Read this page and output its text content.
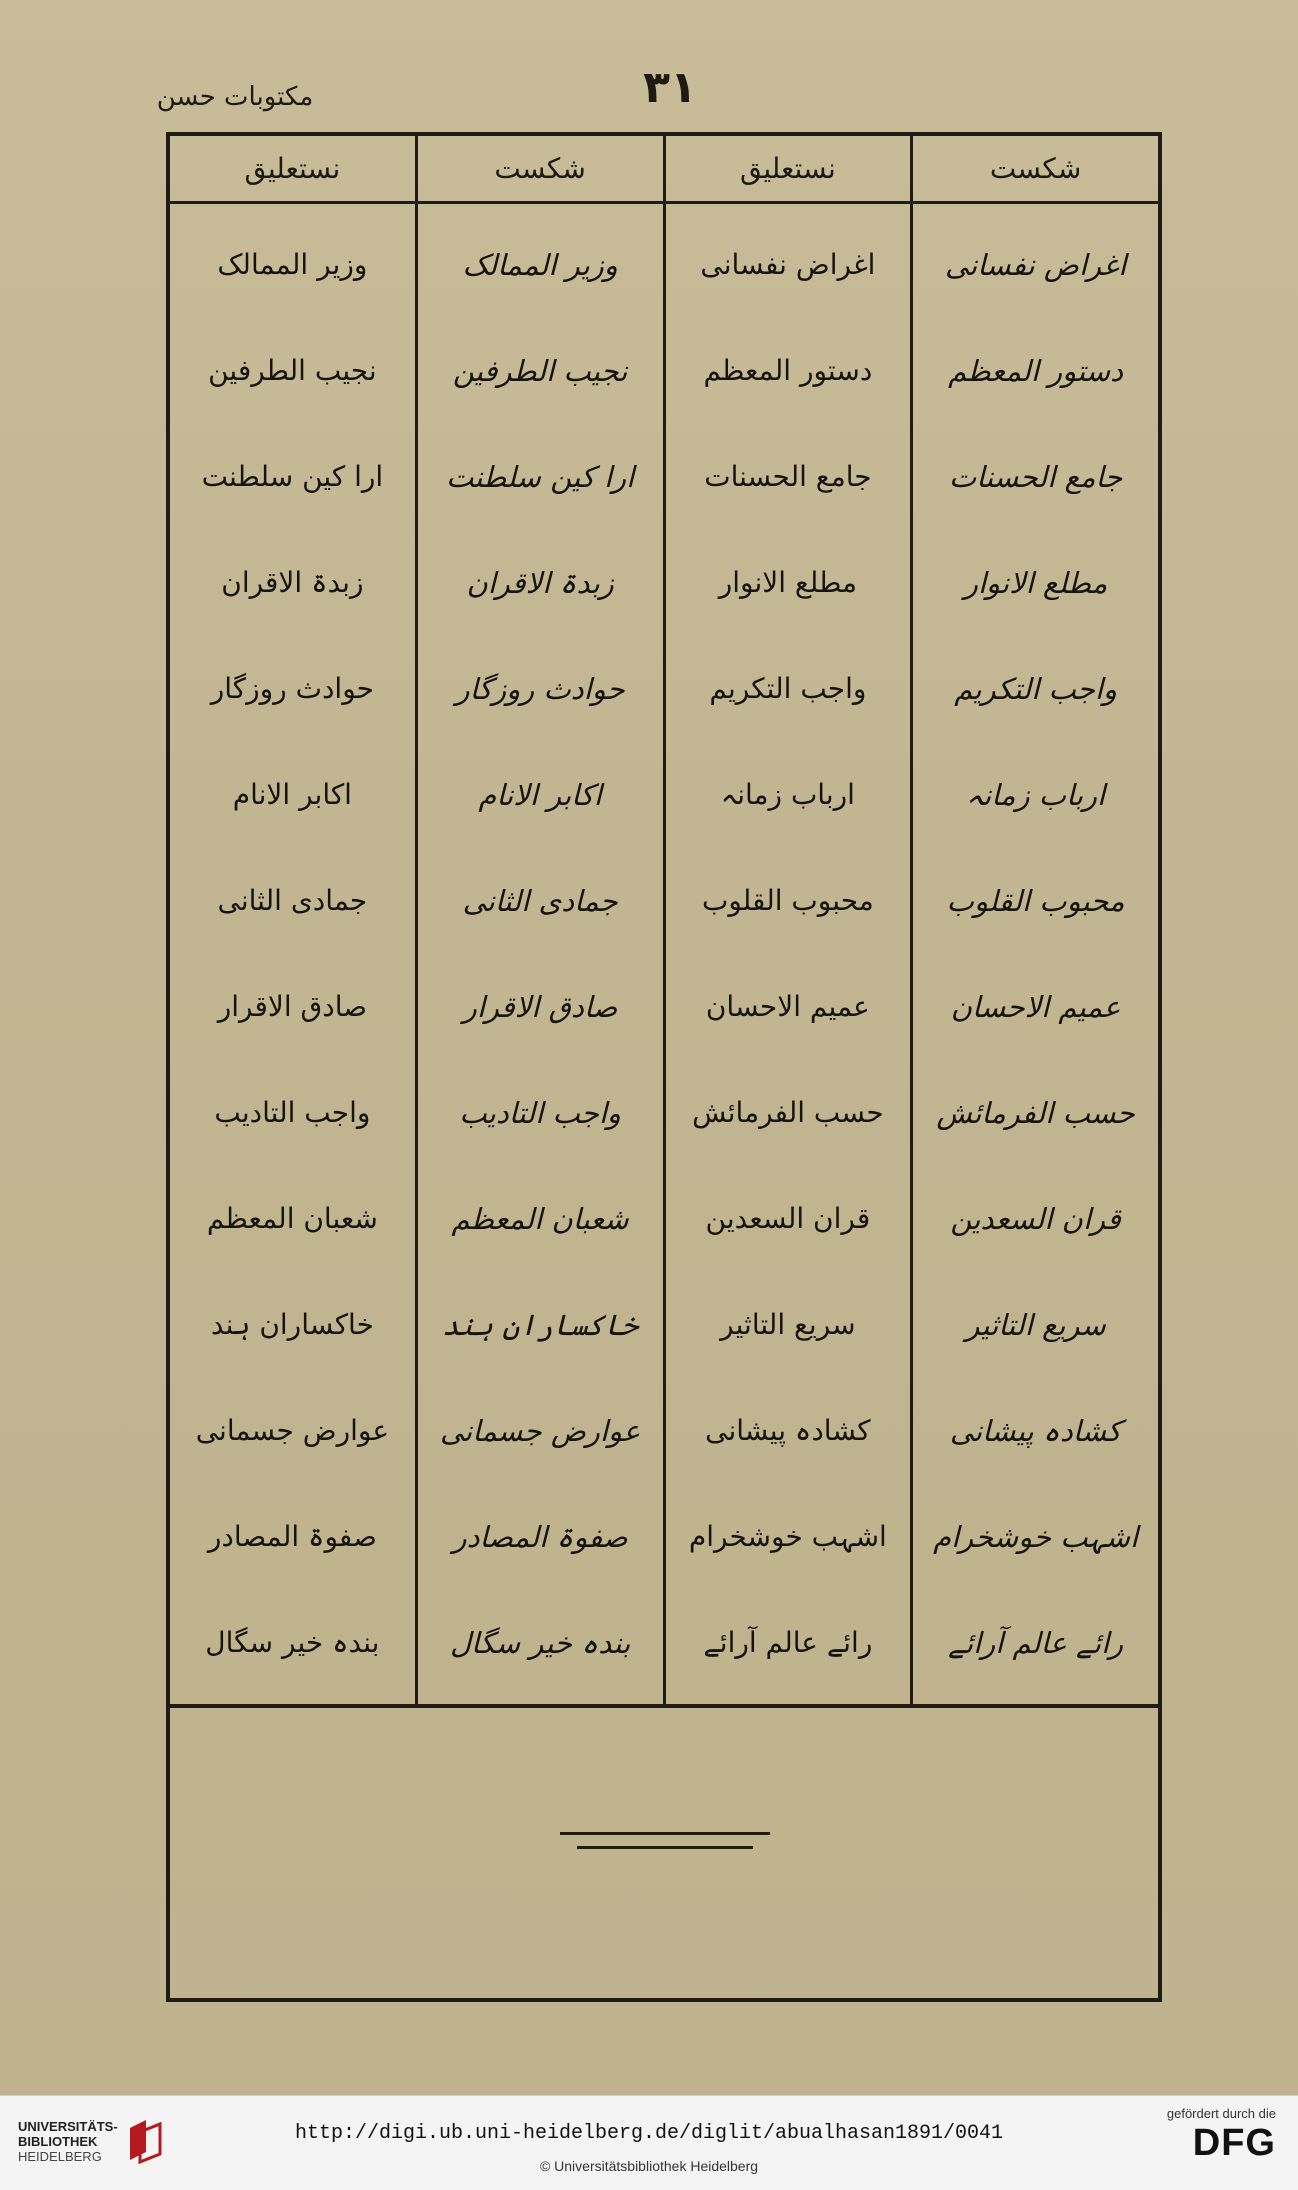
۳۱
مکتوبات حسن
شکست
اغراض نفسانی
دستور المعظم
جامع الحسنات
مطلع الانوار
واجب التکریم
ارباب زمانہ
محبوب القلوب
عمیم الاحسان
حسب الفرمائش
قران السعدین
سریع التاثیر
کشادہ پیشانی
اشہب خوشخرام
رائے عالم آرائے
نستعلیق
اغراض نفسانی
دستور المعظم
جامع الحسنات
مطلع الانوار
واجب التکریم
ارباب زمانہ
محبوب القلوب
عمیم الاحسان
حسب الفرمائش
قران السعدین
سریع التاثیر
کشادہ پیشانی
اشہب خوشخرام
رائے عالم آرائے
شکست
وزیر الممالک
نجیب الطرفین
ارا کین سلطنت
زبدۃ الاقران
حوادث روزگار
اکابر الانام
جمادی الثانی
صادق الاقرار
واجب التادیب
شعبان المعظم
خاکساران ہند
عوارض جسمانی
صفوۃ المصادر
بندہ خیر سگال
نستعلیق
وزیر الممالک
نجیب الطرفین
ارا کین سلطنت
زبدۃ الاقران
حوادث روزگار
اکابر الانام
جمادی الثانی
صادق الاقرار
واجب التادیب
شعبان المعظم
خاکساران ہند
عوارض جسمانی
صفوۃ المصادر
بندہ خیر سگال
UNIVERSITÄTS-
BIBLIOTHEK
HEIDELBERG
http://digi.ub.uni-heidelberg.de/diglit/abualhasan1891/0041
© Universitätsbibliothek Heidelberg
gefördert durch die
DFG
